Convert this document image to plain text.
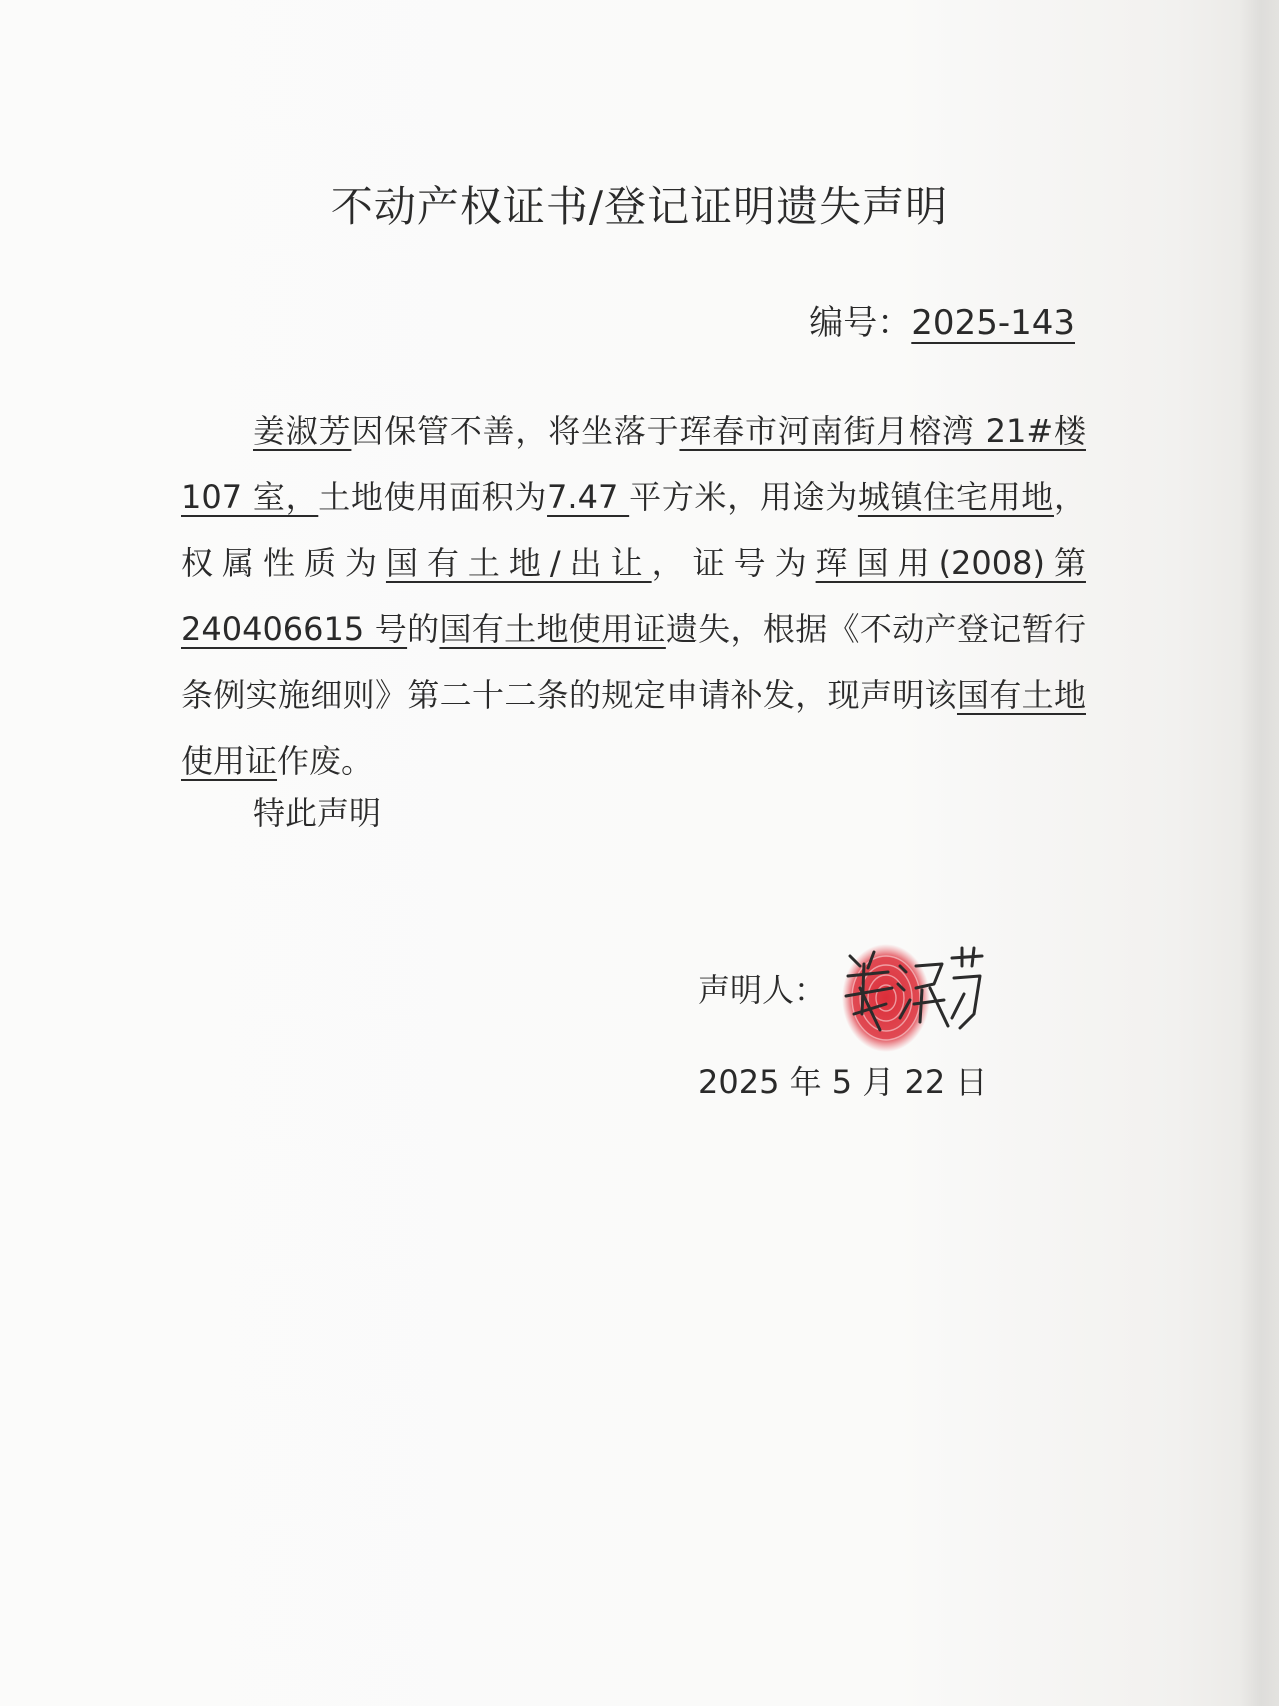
不动产权证书/登记证明遗失声明
编号：2025-143

姜淑芳因保管不善，将坐落于珲春市河南街月榕湾 21#楼 107 室，土地使用面积为7.47 平方米，用途为城镇住宅用地，权属性质为国有土地/出让，证号为珲国用(2008)第240406615 号的国有土地使用证遗失，根据《不动产登记暂行条例实施细则》第二十二条的规定申请补发，现声明该国有土地使用证作废。

特此声明
声明人：
2025 年 5 月 22 日
